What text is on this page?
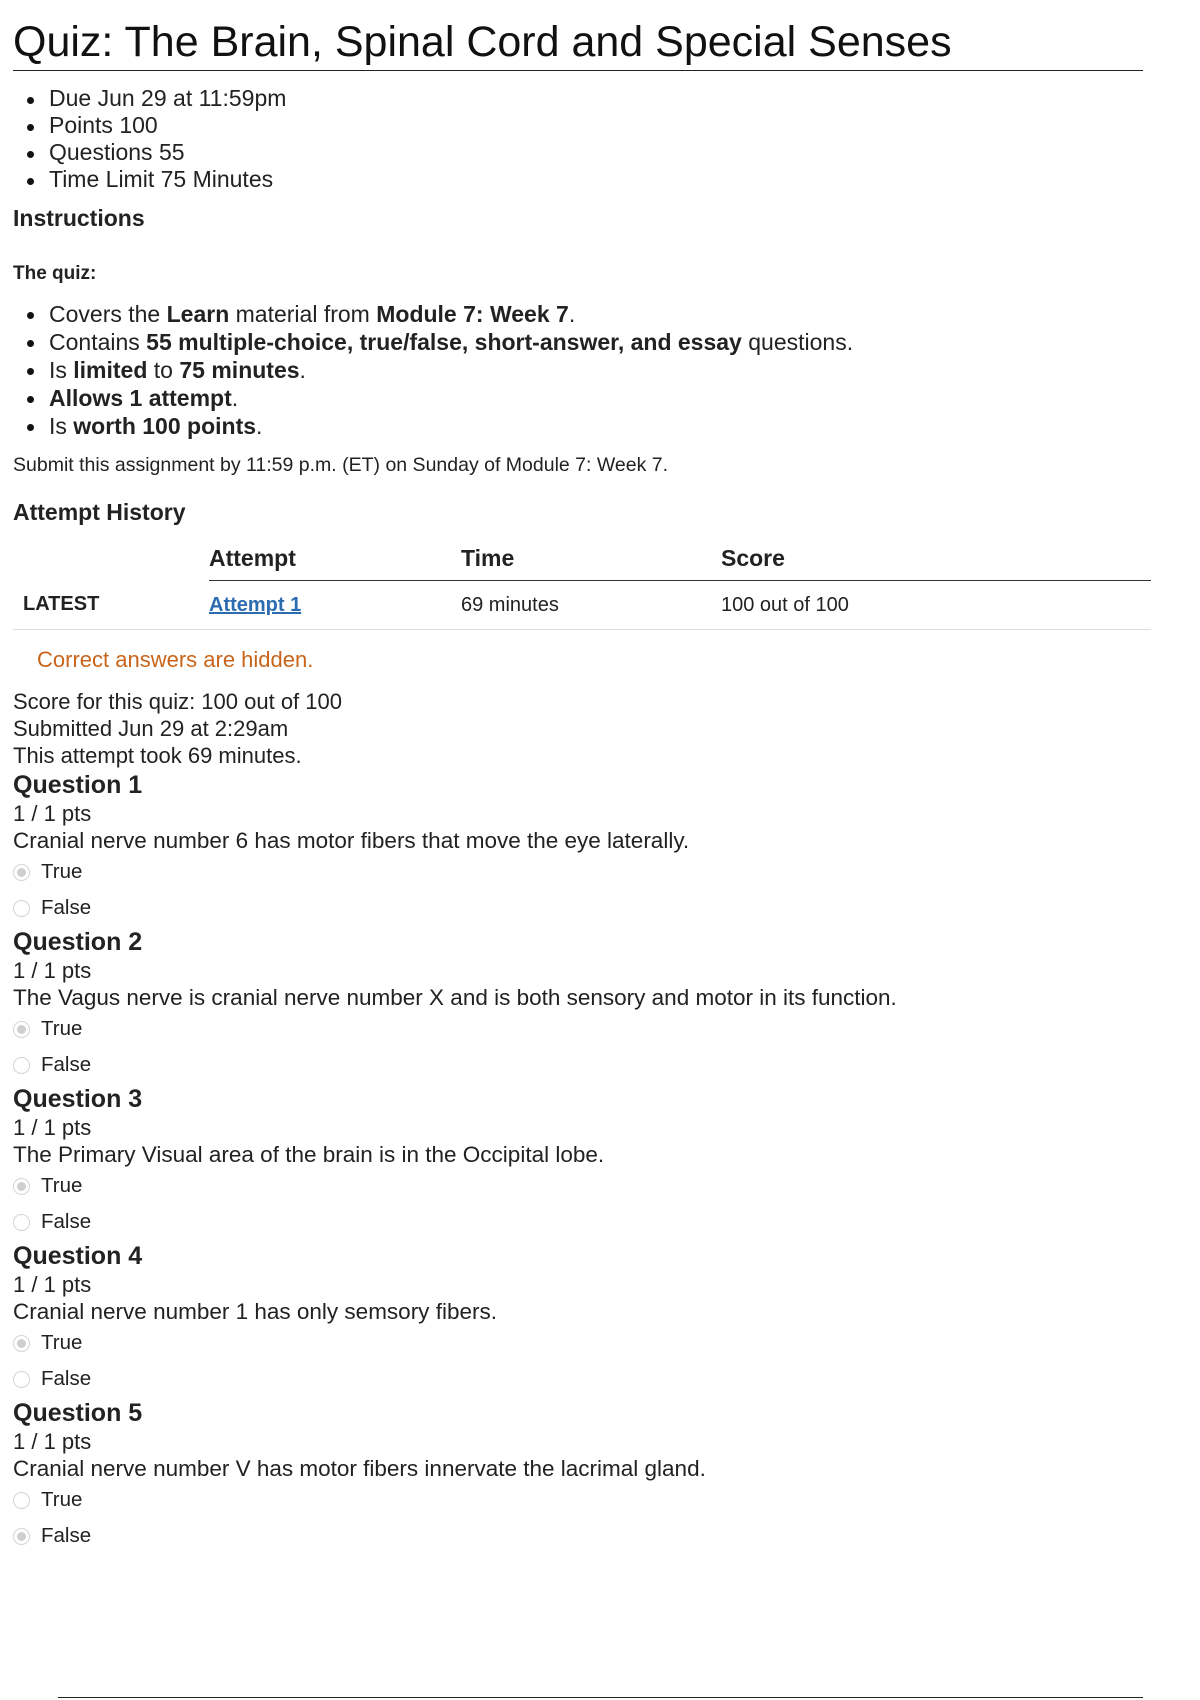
Quiz: The Brain, Spinal Cord and Special Senses
Due Jun 29 at 11:59pm
Points 100
Questions 55
Time Limit 75 Minutes
Instructions
The quiz:
Covers the Learn material from Module 7: Week 7.
Contains 55 multiple-choice, true/false, short-answer, and essay questions.
Is limited to 75 minutes.
Allows 1 attempt.
Is worth 100 points.
Submit this assignment by 11:59 p.m. (ET) on Sunday of Module 7: Week 7.
Attempt History
	Attempt	Time	Score
LATEST	Attempt 1	69 minutes	100 out of 100
Correct answers are hidden.
Score for this quiz: 100 out of 100
Submitted Jun 29 at 2:29am
This attempt took 69 minutes.
Question 1
1 / 1 pts
Cranial nerve number 6 has motor fibers that move the eye laterally.
True
False
Question 2
1 / 1 pts
The Vagus nerve is cranial nerve number X and is both sensory and motor in its function.
True
False
Question 3
1 / 1 pts
The Primary Visual area of the brain is in the Occipital lobe.
True
False
Question 4
1 / 1 pts
Cranial nerve number 1 has only semsory fibers.
True
False
Question 5
1 / 1 pts
Cranial nerve number V has motor fibers innervate the lacrimal gland.
True
False
